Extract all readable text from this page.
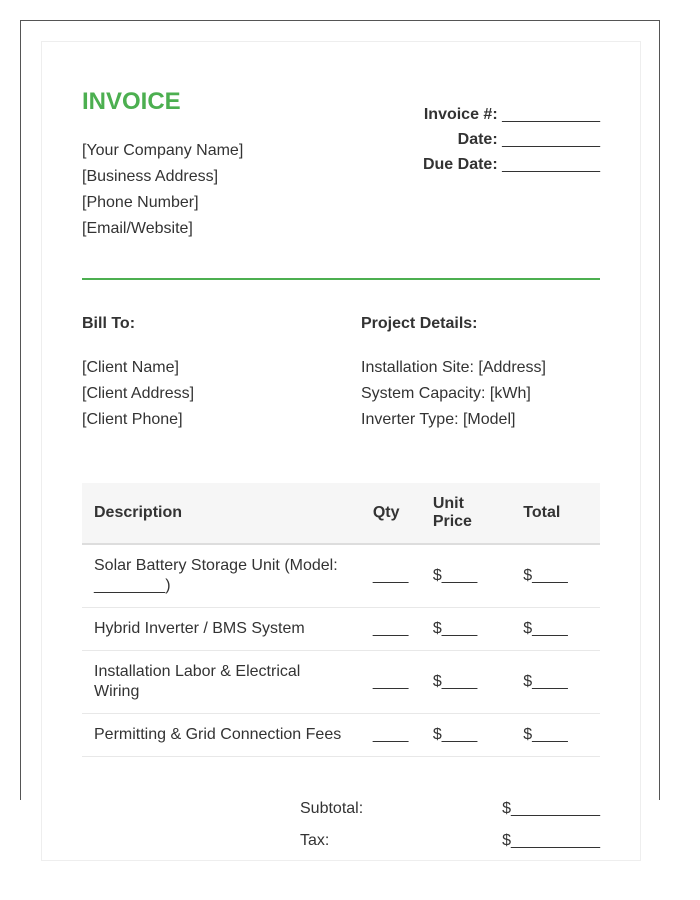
INVOICE
[Your Company Name]
[Business Address]
[Phone Number]
[Email/Website]
Invoice #: ___________
Date: ___________
Due Date: ___________
Bill To:
[Client Name]
[Client Address]
[Client Phone]
Project Details:
Installation Site: [Address]
System Capacity: [kWh]
Inverter Type: [Model]
Description	Qty	Unit Price	Total
Solar Battery Storage Unit (Model: ________)	____	$____	$____
Hybrid Inverter / BMS System	____	$____	$____
Installation Labor & Electrical Wiring	____	$____	$____
Permitting & Grid Connection Fees	____	$____	$____
Subtotal:	$__________
Tax:	$__________
